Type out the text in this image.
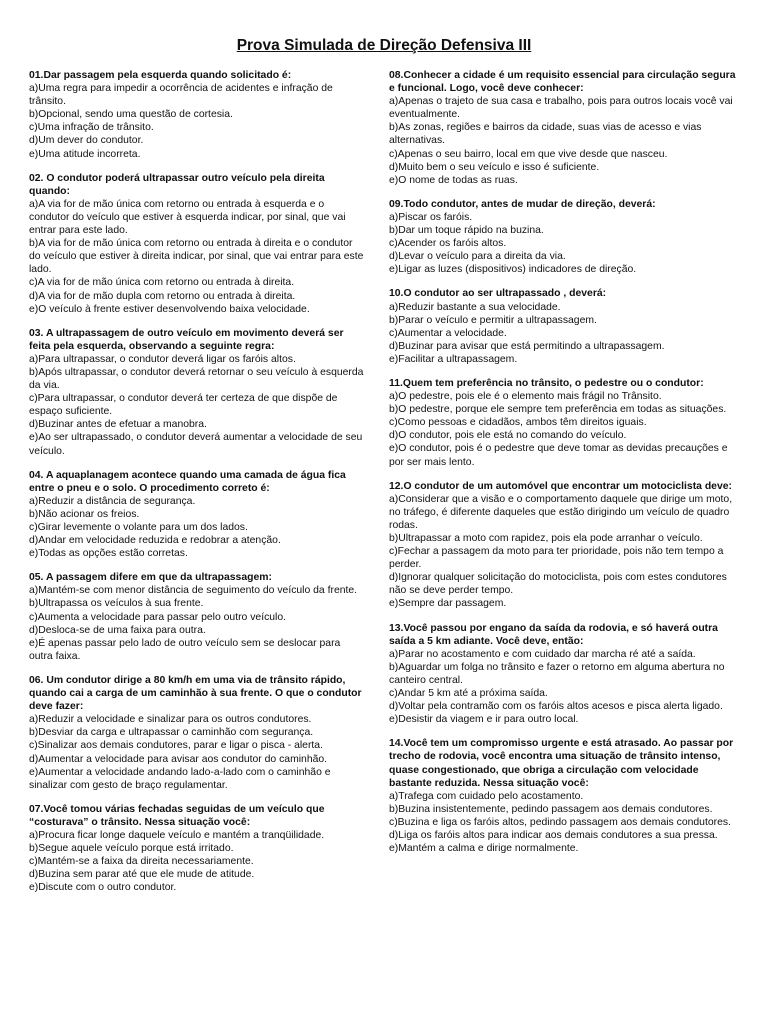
Prova Simulada de Direção Defensiva III

01.Dar passagem pela esquerda quando solicitado é:

a)Uma regra para impedir a ocorrência de acidentes e infração de trânsito.

b)Opcional, sendo uma questão de cortesia.

c)Uma infração de trânsito.

d)Um dever do condutor.

e)Uma atitude incorreta.

02. O condutor poderá ultrapassar outro veículo pela direita quando:

a)A via for de mão única com retorno ou entrada à esquerda e o condutor do veículo que estiver à esquerda indicar, por sinal, que vai entrar para este lado.

b)A via for de mão única com retorno ou entrada à direita e o condutor do veículo que estiver à direita indicar, por sinal, que vai entrar para este lado.

c)A via for de mão única com retorno ou entrada à direita.

d)A via for de mão dupla com retorno ou entrada à direita.

e)O veículo à frente estiver desenvolvendo baixa velocidade.

03. A ultrapassagem de outro veículo em movimento deverá ser feita pela esquerda, observando a seguinte regra:

a)Para ultrapassar, o condutor deverá ligar os faróis altos.

b)Após ultrapassar, o condutor deverá retornar o seu veículo à esquerda da via.

c)Para ultrapassar, o condutor deverá ter certeza de que dispõe de espaço suficiente.

d)Buzinar antes de efetuar a manobra.

e)Ao ser ultrapassado, o condutor deverá aumentar a velocidade de seu veículo.

04. A aquaplanagem acontece quando uma camada de água fica entre o pneu e o solo. O procedimento correto é:

a)Reduzir a distância de segurança.

b)Não acionar os freios.

c)Girar levemente o volante para um dos lados.

d)Andar em velocidade reduzida e redobrar a atenção.

e)Todas as opções estão corretas.

05. A passagem difere em que da ultrapassagem:

a)Mantém-se com menor distância de seguimento do veículo da frente.

b)Ultrapassa os veículos à sua frente.

c)Aumenta a velocidade para passar pelo outro veículo.

d)Desloca-se de uma faixa para outra.

e)É apenas passar pelo lado de outro veículo sem se deslocar para outra faixa.

06. Um condutor dirige a 80 km/h em uma via de trânsito rápido, quando cai a carga de um caminhão à sua frente. O que o condutor deve fazer:

a)Reduzir a velocidade e sinalizar para os outros condutores.

b)Desviar da carga e ultrapassar o caminhão com segurança.

c)Sinalizar aos demais condutores, parar e ligar o pisca - alerta.

d)Aumentar a velocidade para avisar aos condutor do caminhão.

e)Aumentar a velocidade andando lado-a-lado com o caminhão e sinalizar com gesto de braço regulamentar.

07.Você tomou várias fechadas seguidas de um veículo que “costurava” o trânsito. Nessa situação você:

a)Procura ficar longe daquele veículo e mantém a tranqüilidade.

b)Segue aquele veículo porque está irritado.

c)Mantém-se a faixa da direita necessariamente.

d)Buzina sem parar até que ele mude de atitude.

e)Discute com o outro condutor.

08.Conhecer a cidade é um requisito essencial para circulação segura e funcional. Logo, você deve conhecer:

a)Apenas o trajeto de sua casa e trabalho, pois para outros locais você vai eventualmente.

b)As zonas, regiões e bairros da cidade, suas vias de acesso e vias alternativas.

c)Apenas o seu bairro, local em que vive desde que nasceu.

d)Muito bem o seu veículo e isso é suficiente.

e)O nome de todas as ruas.

09.Todo condutor, antes de mudar de direção, deverá:

a)Piscar os faróis.

b)Dar um toque rápido na buzina.

c)Acender os faróis altos.

d)Levar o veículo para a direita da via.

e)Ligar as luzes (dispositivos) indicadores de direção.

10.O condutor ao ser ultrapassado , deverá:

a)Reduzir bastante a sua velocidade.

b)Parar o veículo e permitir a ultrapassagem.

c)Aumentar a velocidade.

d)Buzinar para avisar que está permitindo a ultrapassagem.

e)Facilitar a ultrapassagem.

11.Quem tem preferência no trânsito, o pedestre ou o condutor:

a)O pedestre, pois ele é o elemento mais frágil no Trânsito.

b)O pedestre, porque ele sempre tem preferência em todas as situações.

c)Como pessoas e cidadãos, ambos têm direitos iguais.

d)O condutor, pois ele está no comando do veículo.

e)O condutor, pois é o pedestre que deve tomar as devidas precauções e por ser mais lento.

12.O condutor de um automóvel que encontrar um motociclista deve:

a)Considerar que a visão e o comportamento daquele que dirige um moto, no tráfego, é diferente daqueles que estão dirigindo um veículo de quadro rodas.

b)Ultrapassar a moto com rapidez, pois ela pode arranhar o veículo.

c)Fechar a passagem da moto para ter prioridade, pois não tem tempo a perder.

d)Ignorar qualquer solicitação do motociclista, pois com estes condutores não se deve perder tempo.

e)Sempre dar passagem.

13.Você passou por engano da saída da rodovia, e só haverá outra saída a 5 km adiante. Você deve, então:

a)Parar no acostamento e com cuidado dar marcha ré até a saída.

b)Aguardar um folga no trânsito e fazer o retorno em alguma abertura no canteiro central.

c)Andar 5 km até a próxima saída.

d)Voltar pela contramão com os faróis altos acesos e pisca alerta ligado.

e)Desistir da viagem e ir para outro local.

14.Você tem um compromisso urgente e está atrasado. Ao passar por trecho de rodovia, você encontra uma situação de trânsito intenso, quase congestionado, que obriga a circulação com velocidade bastante reduzida. Nessa situação você:

a)Trafega com cuidado pelo acostamento.

b)Buzina insistentemente, pedindo passagem aos demais condutores.

c)Buzina e liga os faróis altos, pedindo passagem aos demais condutores.

d)Liga os faróis altos para indicar aos demais condutores a sua pressa.

e)Mantém a calma e dirige normalmente.
